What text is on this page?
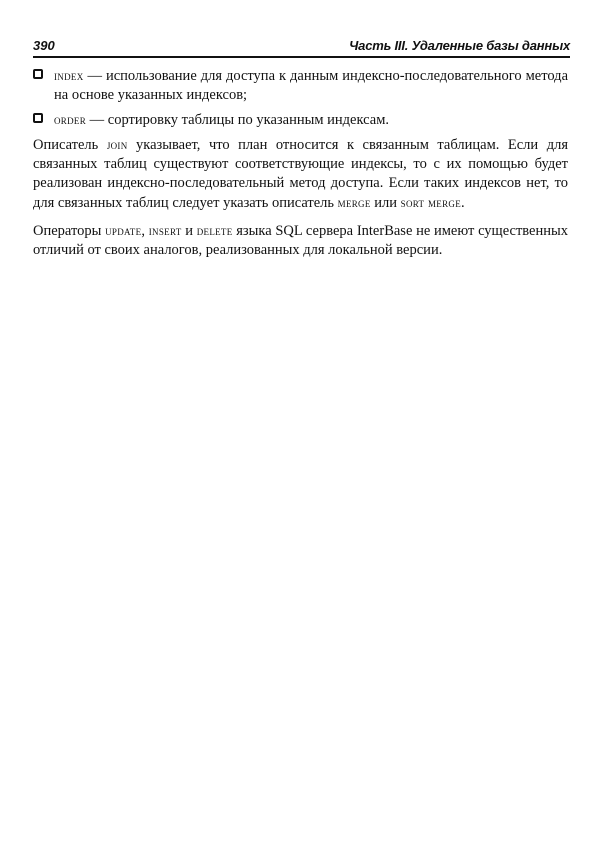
390	Часть III. Удаленные базы данных
index — использование для доступа к данным индексно-последовательного метода на основе указанных индексов;
order — сортировку таблицы по указанным индексам.

Описатель join указывает, что план относится к связанным таблицам. Если для связанных таблиц существуют соответствующие индексы, то с их помощью будет реализован индексно-последовательный метод доступа. Если таких индексов нет, то для связанных таблиц следует указать описатель merge или sort merge.

Операторы update, insert и delete языка SQL сервера InterBase не имеют существенных отличий от своих аналогов, реализованных для локальной версии.
